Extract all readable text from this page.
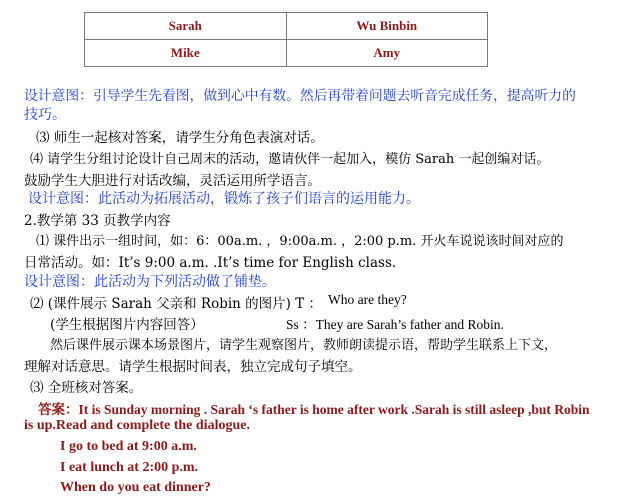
Sarah	Wu Binbin
Mike	Amy
设计意图：引导学生先看图，做到心中有数。然后再带着问题去听音完成任务，提高听力的
技巧。
⑶ 师生一起核对答案，请学生分角色表演对话。
⑷ 请学生分组讨论设计自己周末的活动，邀请伙伴一起加入，模仿 Sarah 一起创编对话。
鼓励学生大胆进行对话改编，灵活运用所学语言。
设计意图：此活动为拓展活动，锻炼了孩子们语言的运用能力。
2.教学第 33 页教学内容
⑴ 课件出示一组时间，如：6：00a.m. ，9:00a.m. ，2:00 p.m. 开火车说说该时间对应的
日常活动。如：It’s 9:00 a.m. .It’s time for English class.
设计意图：此活动为下列活动做了铺垫。
⑵ (课件展示 Sarah 父亲和 Robin 的图片) T ： Who are they?
(学生根据图片内容回答）	Ss ：They are Sarah’s father and Robin.
然后课件展示课本场景图片，请学生观察图片，教师朗读提示语，帮助学生联系上下文，
理解对话意思。请学生根据时间表，独立完成句子填空。
⑶ 全班核对答案。
答案：It is Sunday morning . Sarah ‘s father is home after work .Sarah is still asleep ,but Robin
is up.Read and complete the dialogue.
I go to bed at 9:00 a.m.
I eat lunch at 2:00 p.m.
When do you eat dinner?
